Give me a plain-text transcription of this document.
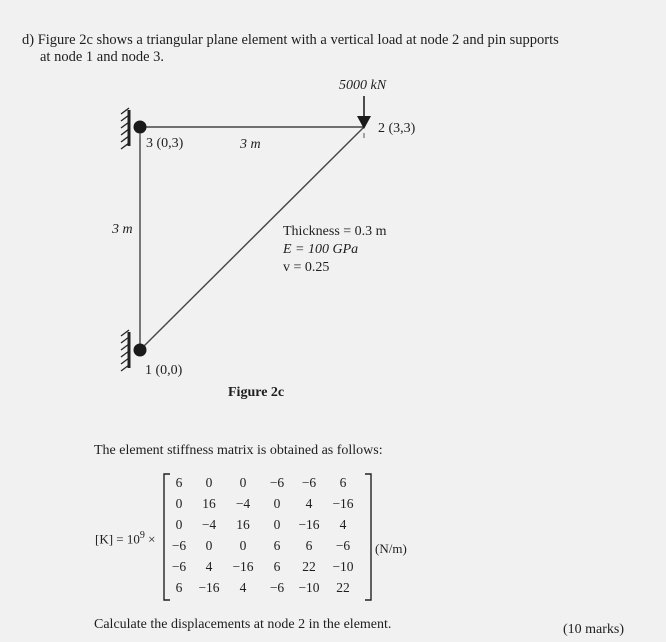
d) Figure 2c shows a triangular plane element with a vertical load at node 2 and pin supports
at node 1 and node 3.
5000 kN
2 (3,3)
3 (0,3)	3 m
3 m	Thickness = 0.3 m
E = 100 GPa
v = 0.25
1 (0,0)
Figure 2c
The element stiffness matrix is obtained as follows:
$[K] = 10^9$ ×
6	0	0	−6	−6	6
0	16	−4	0	4	−16
0	−4	16	0	−16	4
−6	0	0	6	6	−6
−6	4	−16	6	22	−10
6	−16	4	−6	−10	22
(N/m)
Calculate the displacements at node 2 in the element.	(10 marks)
